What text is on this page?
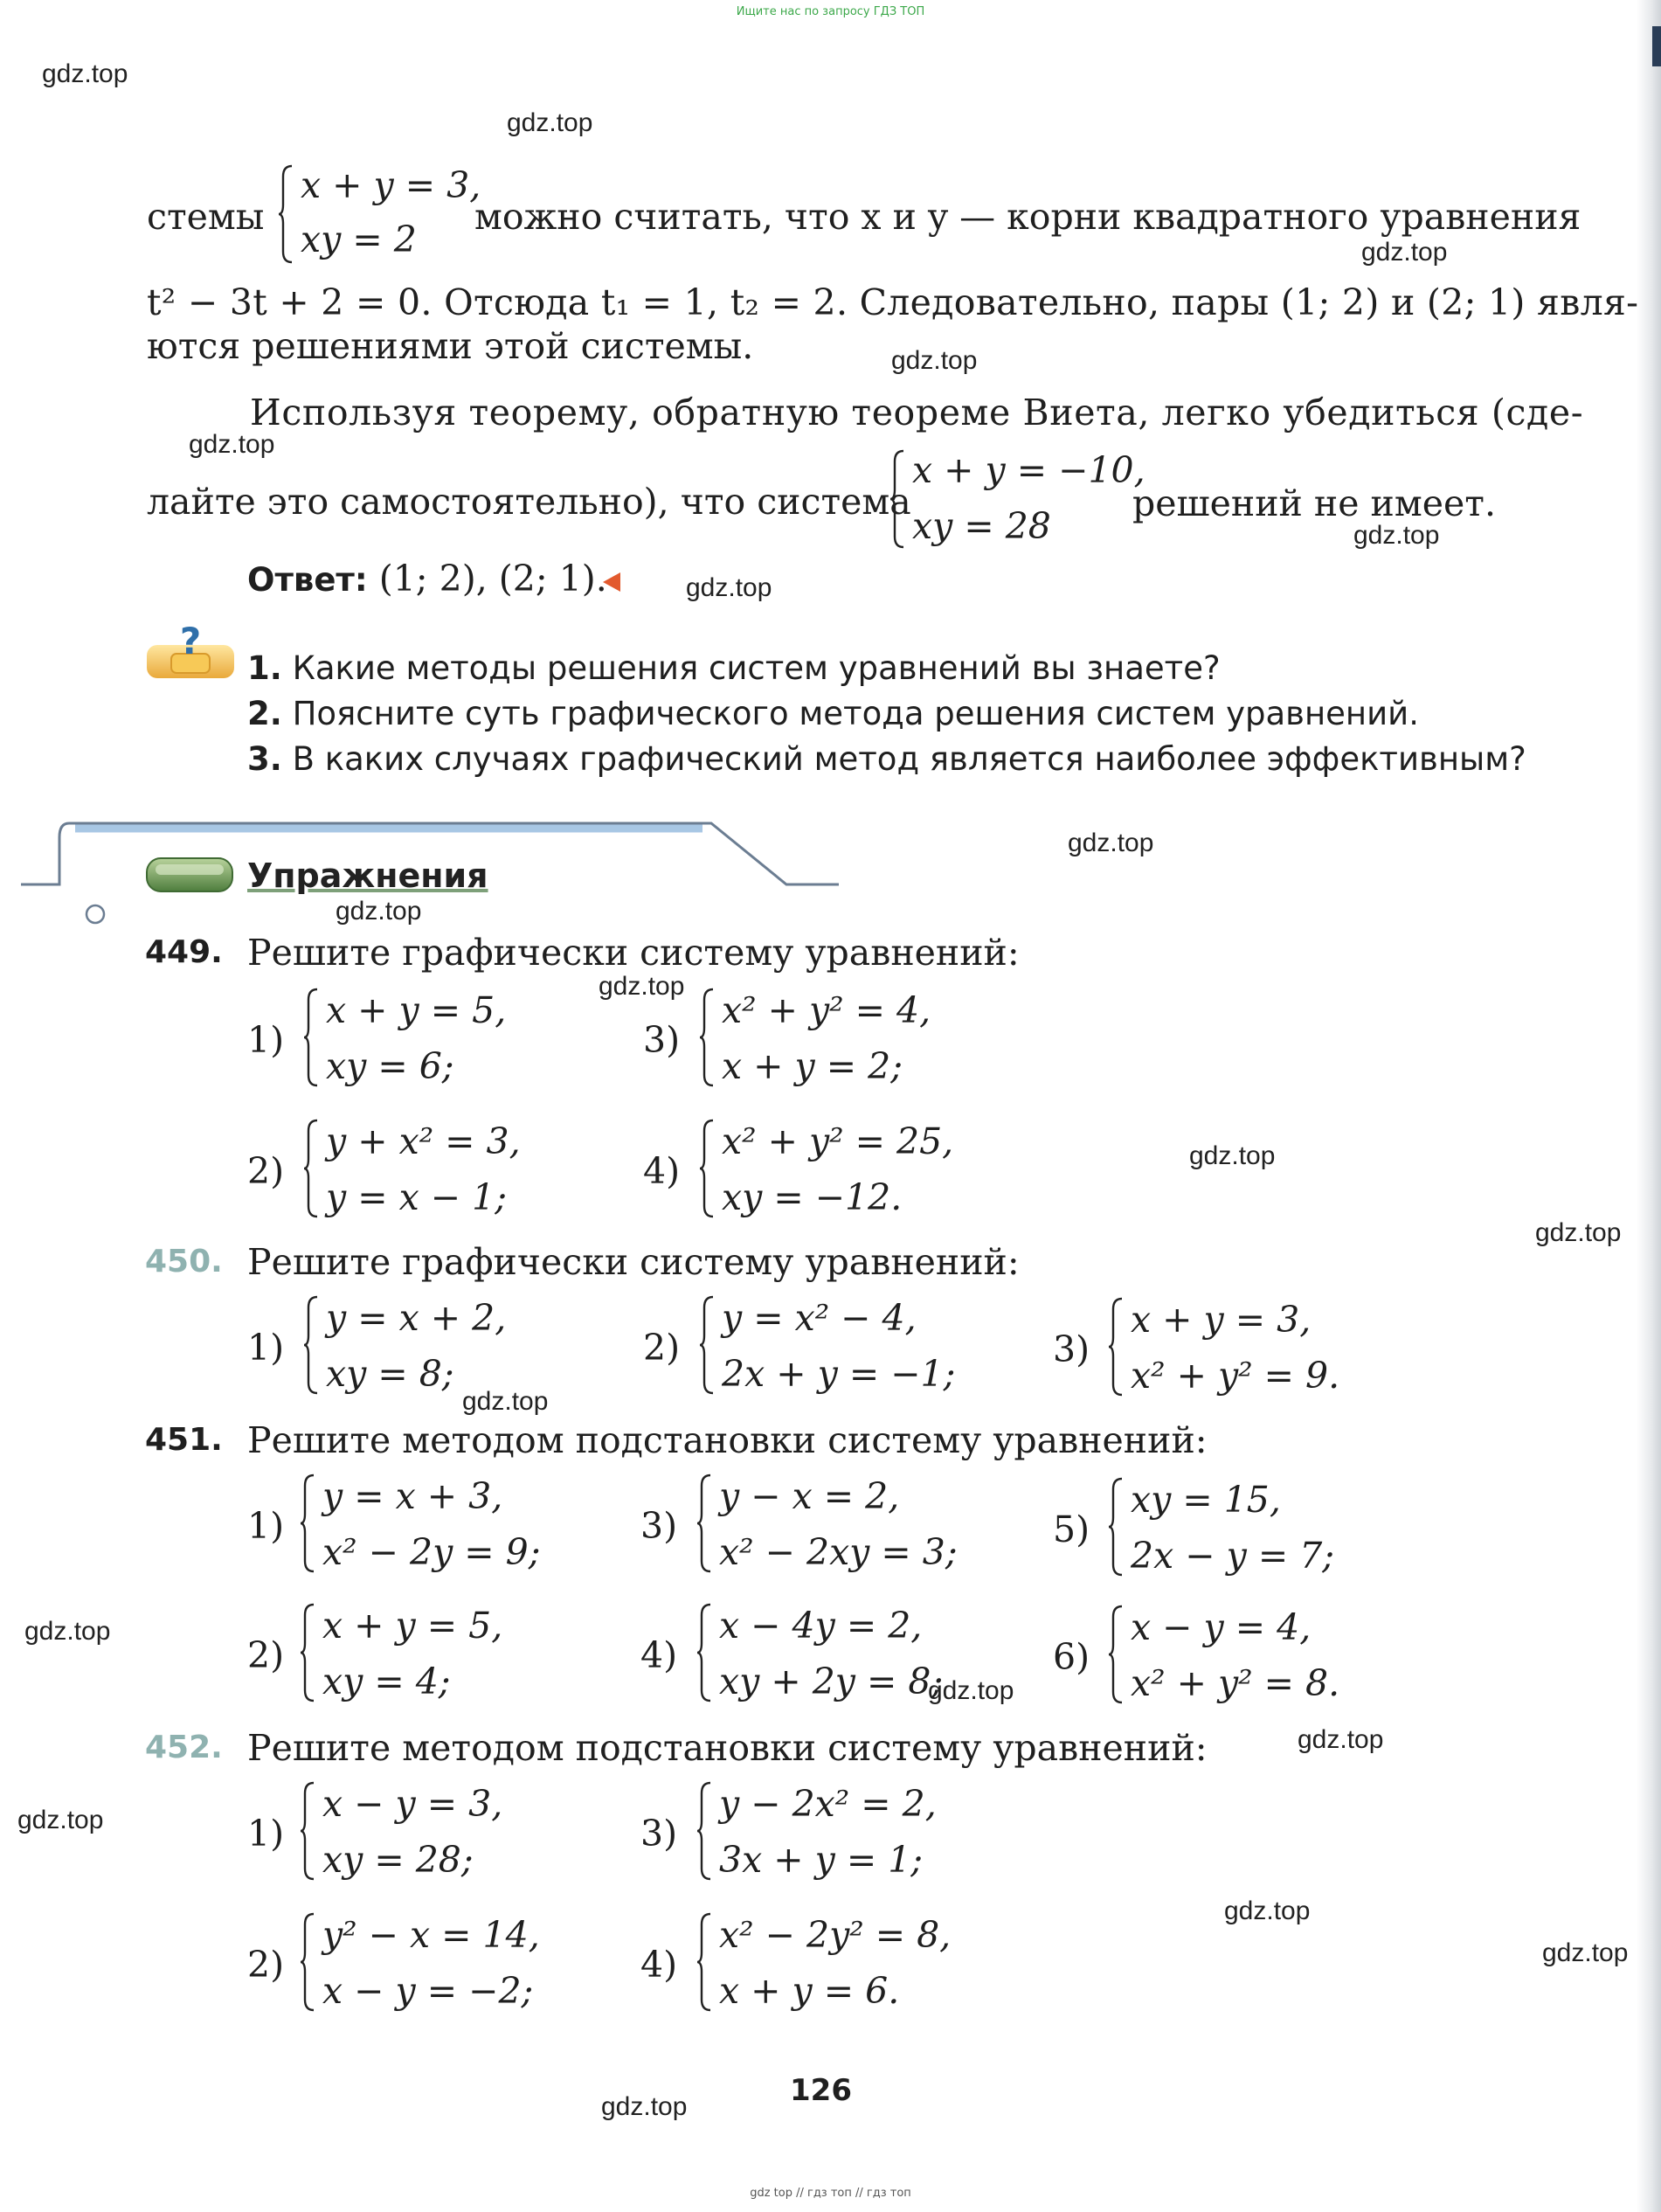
Ищите нас по запросу ГДЗ ТОП
gdz.top
gdz.top
gdz.top
gdz.top
gdz.top
gdz.top
gdz.top
gdz.top
gdz.top
gdz.top
gdz.top
gdz.top
gdz.top
gdz.top
gdz.top
gdz.top
gdz.top
gdz.top
gdz.top
gdz.top
стемы
x + y = 3,
xy = 2
можно считать, что x и y — корни квадратного уравнения
t² − 3t + 2 = 0. Отсюда t₁ = 1, t₂ = 2. Следовательно, пары (1; 2) и (2; 1) явля-
ются решениями этой системы.
Используя теорему, обратную теореме Виета, легко убедиться (сде-
лайте это самостоятельно), что система
x + y = −10,
xy = 28
решений не имеет.
Ответ: (1; 2), (2; 1).
?
1. Какие методы решения систем уравнений вы знаете?
2. Поясните суть графического метода решения систем уравнений.
3. В каких случаях графический метод является наиболее эффективным?
Упражнения
449. Решите графически систему уравнений:
1)
x + y = 5,
xy = 6;
3)
x² + y² = 4,
x + y = 2;
2)
y + x² = 3,
y = x − 1;
4)
x² + y² = 25,
xy = −12.
450. Решите графически систему уравнений:
1)
y = x + 2,
xy = 8;
2)
y = x² − 4,
2x + y = −1;
3)
x + y = 3,
x² + y² = 9.
451. Решите методом подстановки систему уравнений:
1)
y = x + 3,
x² − 2y = 9;
3)
y − x = 2,
x² − 2xy = 3;
5)
xy = 15,
2x − y = 7;
2)
x + y = 5,
xy = 4;
4)
x − 4y = 2,
xy + 2y = 8;
6)
x − y = 4,
x² + y² = 8.
452. Решите методом подстановки систему уравнений:
1)
x − y = 3,
xy = 28;
3)
y − 2x² = 2,
3x + y = 1;
2)
y² − x = 14,
x − y = −2;
4)
x² − 2y² = 8,
x + y = 6.
126
gdz top // гдз топ // гдз топ
